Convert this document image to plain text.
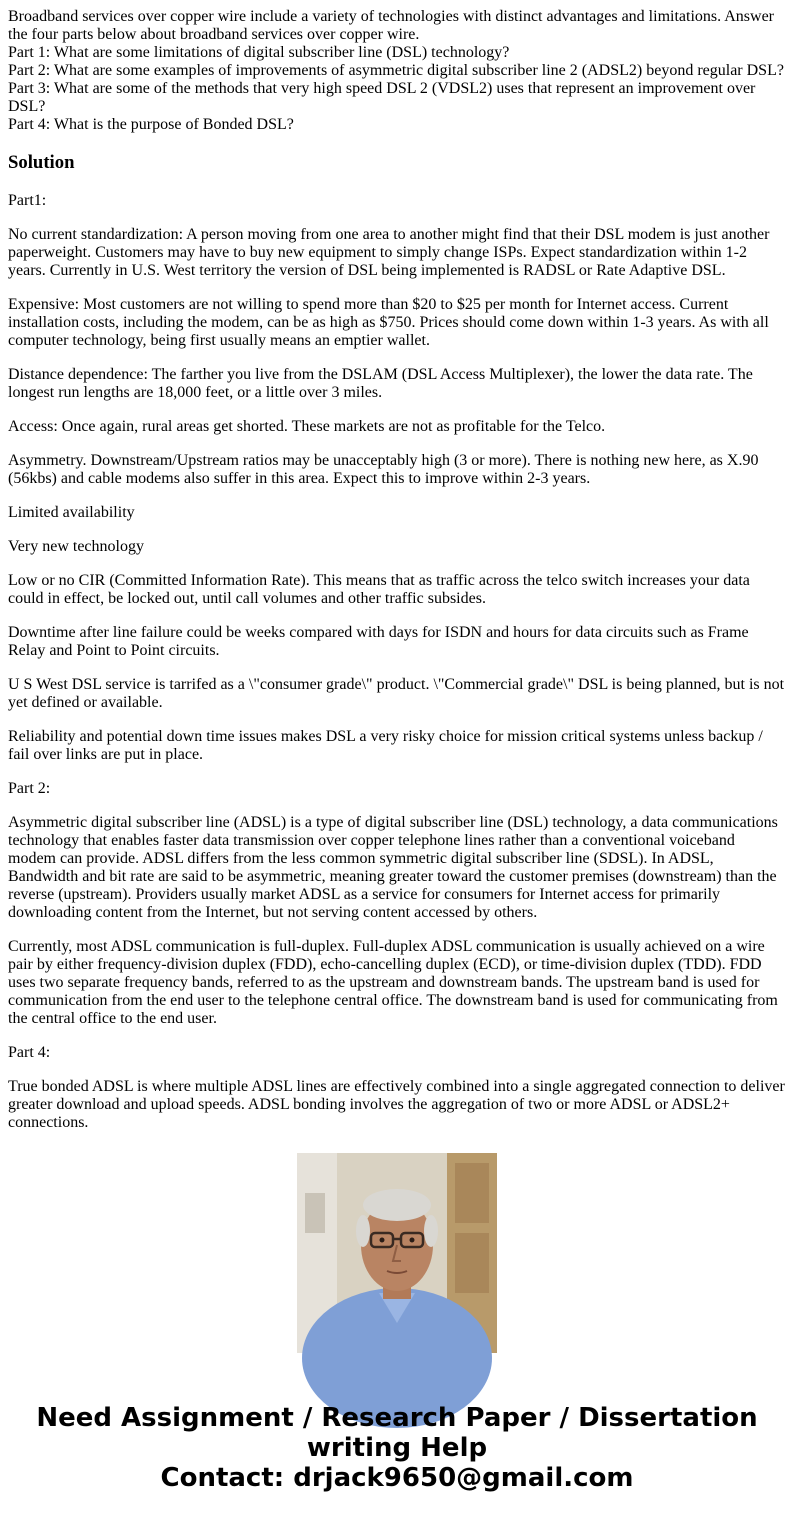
Broadband services over copper wire include a variety of technologies with distinct advantages and limitations. Answer the four parts below about broadband services over copper wire.

Part 1: What are some limitations of digital subscriber line (DSL) technology?

Part 2: What are some examples of improvements of asymmetric digital subscriber line 2 (ADSL2) beyond regular DSL?

Part 3: What are some of the methods that very high speed DSL 2 (VDSL2) uses that represent an improvement over DSL?

Part 4: What is the purpose of Bonded DSL?

Solution

Part1:

No current standardization: A person moving from one area to another might find that their DSL modem is just another paperweight. Customers may have to buy new equipment to simply change ISPs. Expect standardization within 1-2 years. Currently in U.S. West territory the version of DSL being implemented is RADSL or Rate Adaptive DSL.

Expensive: Most customers are not willing to spend more than $20 to $25 per month for Internet access. Current installation costs, including the modem, can be as high as $750. Prices should come down within 1-3 years. As with all computer technology, being first usually means an emptier wallet.

Distance dependence: The farther you live from the DSLAM (DSL Access Multiplexer), the lower the data rate. The longest run lengths are 18,000 feet, or a little over 3 miles.

Access: Once again, rural areas get shorted. These markets are not as profitable for the Telco.

Asymmetry. Downstream/Upstream ratios may be unacceptably high (3 or more). There is nothing new here, as X.90 (56kbs) and cable modems also suffer in this area. Expect this to improve within 2-3 years.

Limited availability

Very new technology

Low or no CIR (Committed Information Rate). This means that as traffic across the telco switch increases your data could in effect, be locked out, until call volumes and other traffic subsides.

Downtime after line failure could be weeks compared with days for ISDN and hours for data circuits such as Frame Relay and Point to Point circuits.

U S West DSL service is tarrifed as a \"consumer grade\" product. \"Commercial grade\" DSL is being planned, but is not yet defined or available.

Reliability and potential down time issues makes DSL a very risky choice for mission critical systems unless backup / fail over links are put in place.

Part 2:

Asymmetric digital subscriber line (ADSL) is a type of digital subscriber line (DSL) technology, a data communications technology that enables faster data transmission over copper telephone lines rather than a conventional voiceband modem can provide. ADSL differs from the less common symmetric digital subscriber line (SDSL). In ADSL, Bandwidth and bit rate are said to be asymmetric, meaning greater toward the customer premises (downstream) than the reverse (upstream). Providers usually market ADSL as a service for consumers for Internet access for primarily downloading content from the Internet, but not serving content accessed by others.

Currently, most ADSL communication is full-duplex. Full-duplex ADSL communication is usually achieved on a wire pair by either frequency-division duplex (FDD), echo-cancelling duplex (ECD), or time-division duplex (TDD). FDD uses two separate frequency bands, referred to as the upstream and downstream bands. The upstream band is used for communication from the end user to the telephone central office. The downstream band is used for communicating from the central office to the end user.

Part 4:

True bonded ADSL is where multiple ADSL lines are effectively combined into a single aggregated connection to deliver greater download and upload speeds. ADSL bonding involves the aggregation of two or more ADSL or ADSL2+ connections.

Need Assignment / Research Paper / Dissertation
writing Help
Contact: drjack9650@gmail.com
